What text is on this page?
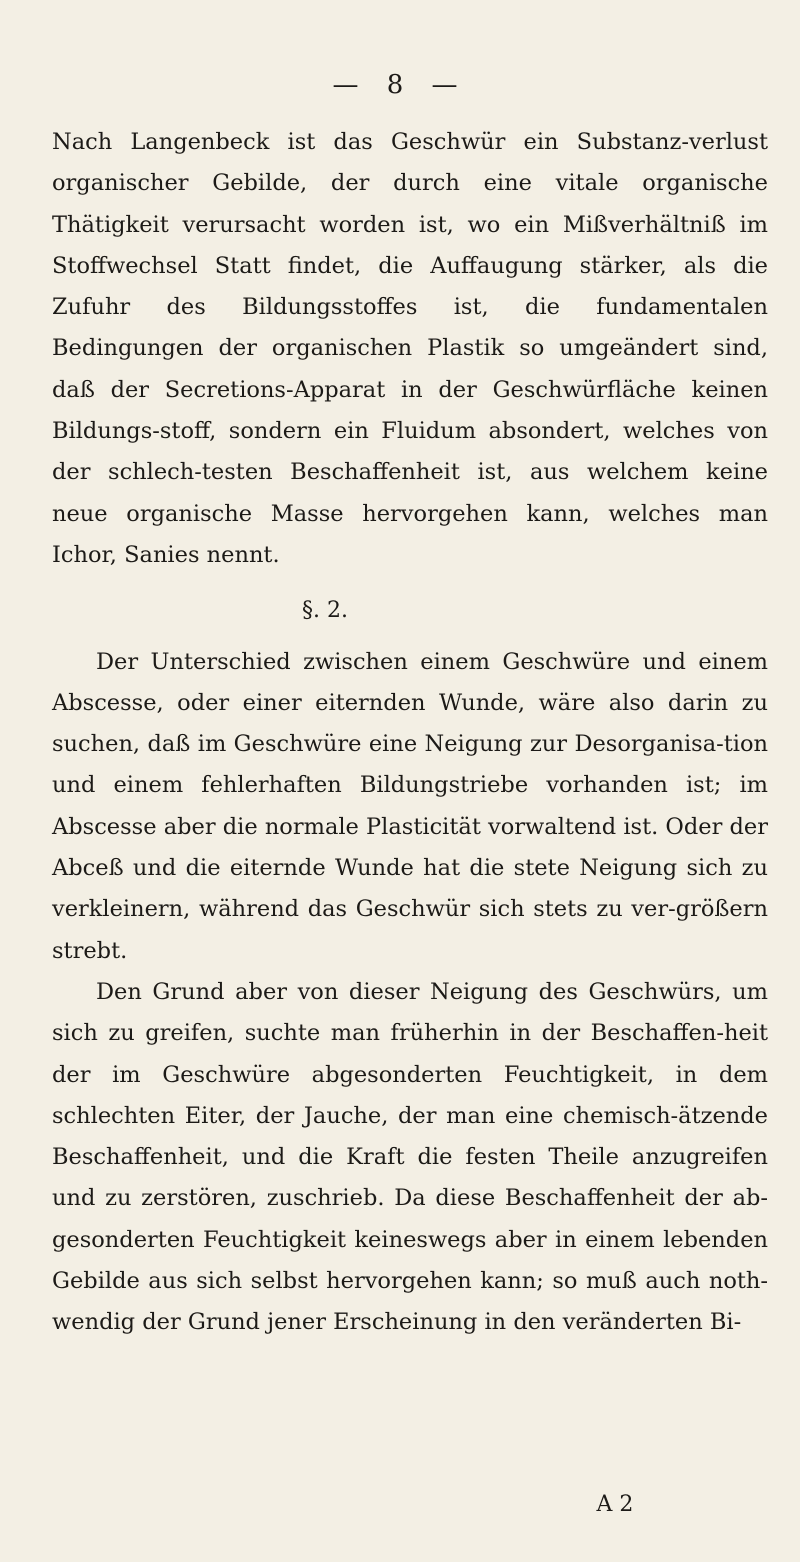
— 8 —

Nach Langenbeck ist das Geschwür ein Substanz-verlust organischer Gebilde, der durch eine vitale organische Thätigkeit verursacht worden ist, wo ein Mißverhältniß im Stoffwechsel Statt findet, die Auffaugung stärker, als die Zufuhr des Bildungsstoffes ist, die fundamentalen Bedingungen der organischen Plastik so umgeändert sind, daß der Secretions-Apparat in der Geschwürfläche keinen Bildungs-stoff, sondern ein Fluidum absondert, welches von der schlech-testen Beschaffenheit ist, aus welchem keine neue organische Masse hervorgehen kann, welches man Ichor, Sanies nennt.

§. 2.

Der Unterschied zwischen einem Geschwüre und einem Abscesse, oder einer eiternden Wunde, wäre also darin zu suchen, daß im Geschwüre eine Neigung zur Desorganisa-tion und einem fehlerhaften Bildungstriebe vorhanden ist; im Abscesse aber die normale Plasticität vorwaltend ist. Oder der Abceß und die eiternde Wunde hat die stete Neigung sich zu verkleinern, während das Geschwür sich stets zu ver-größern strebt.

Den Grund aber von dieser Neigung des Geschwürs, um sich zu greifen, suchte man früherhin in der Beschaffen-heit der im Geschwüre abgesonderten Feuchtigkeit, in dem schlechten Eiter, der Jauche, der man eine chemisch-ätzende Beschaffenheit, und die Kraft die festen Theile anzugreifen und zu zerstören, zuschrieb. Da diese Beschaffenheit der ab-gesonderten Feuchtigkeit keineswegs aber in einem lebenden Gebilde aus sich selbst hervorgehen kann; so muß auch noth-wendig der Grund jener Erscheinung in den veränderten Bi-

A 2
